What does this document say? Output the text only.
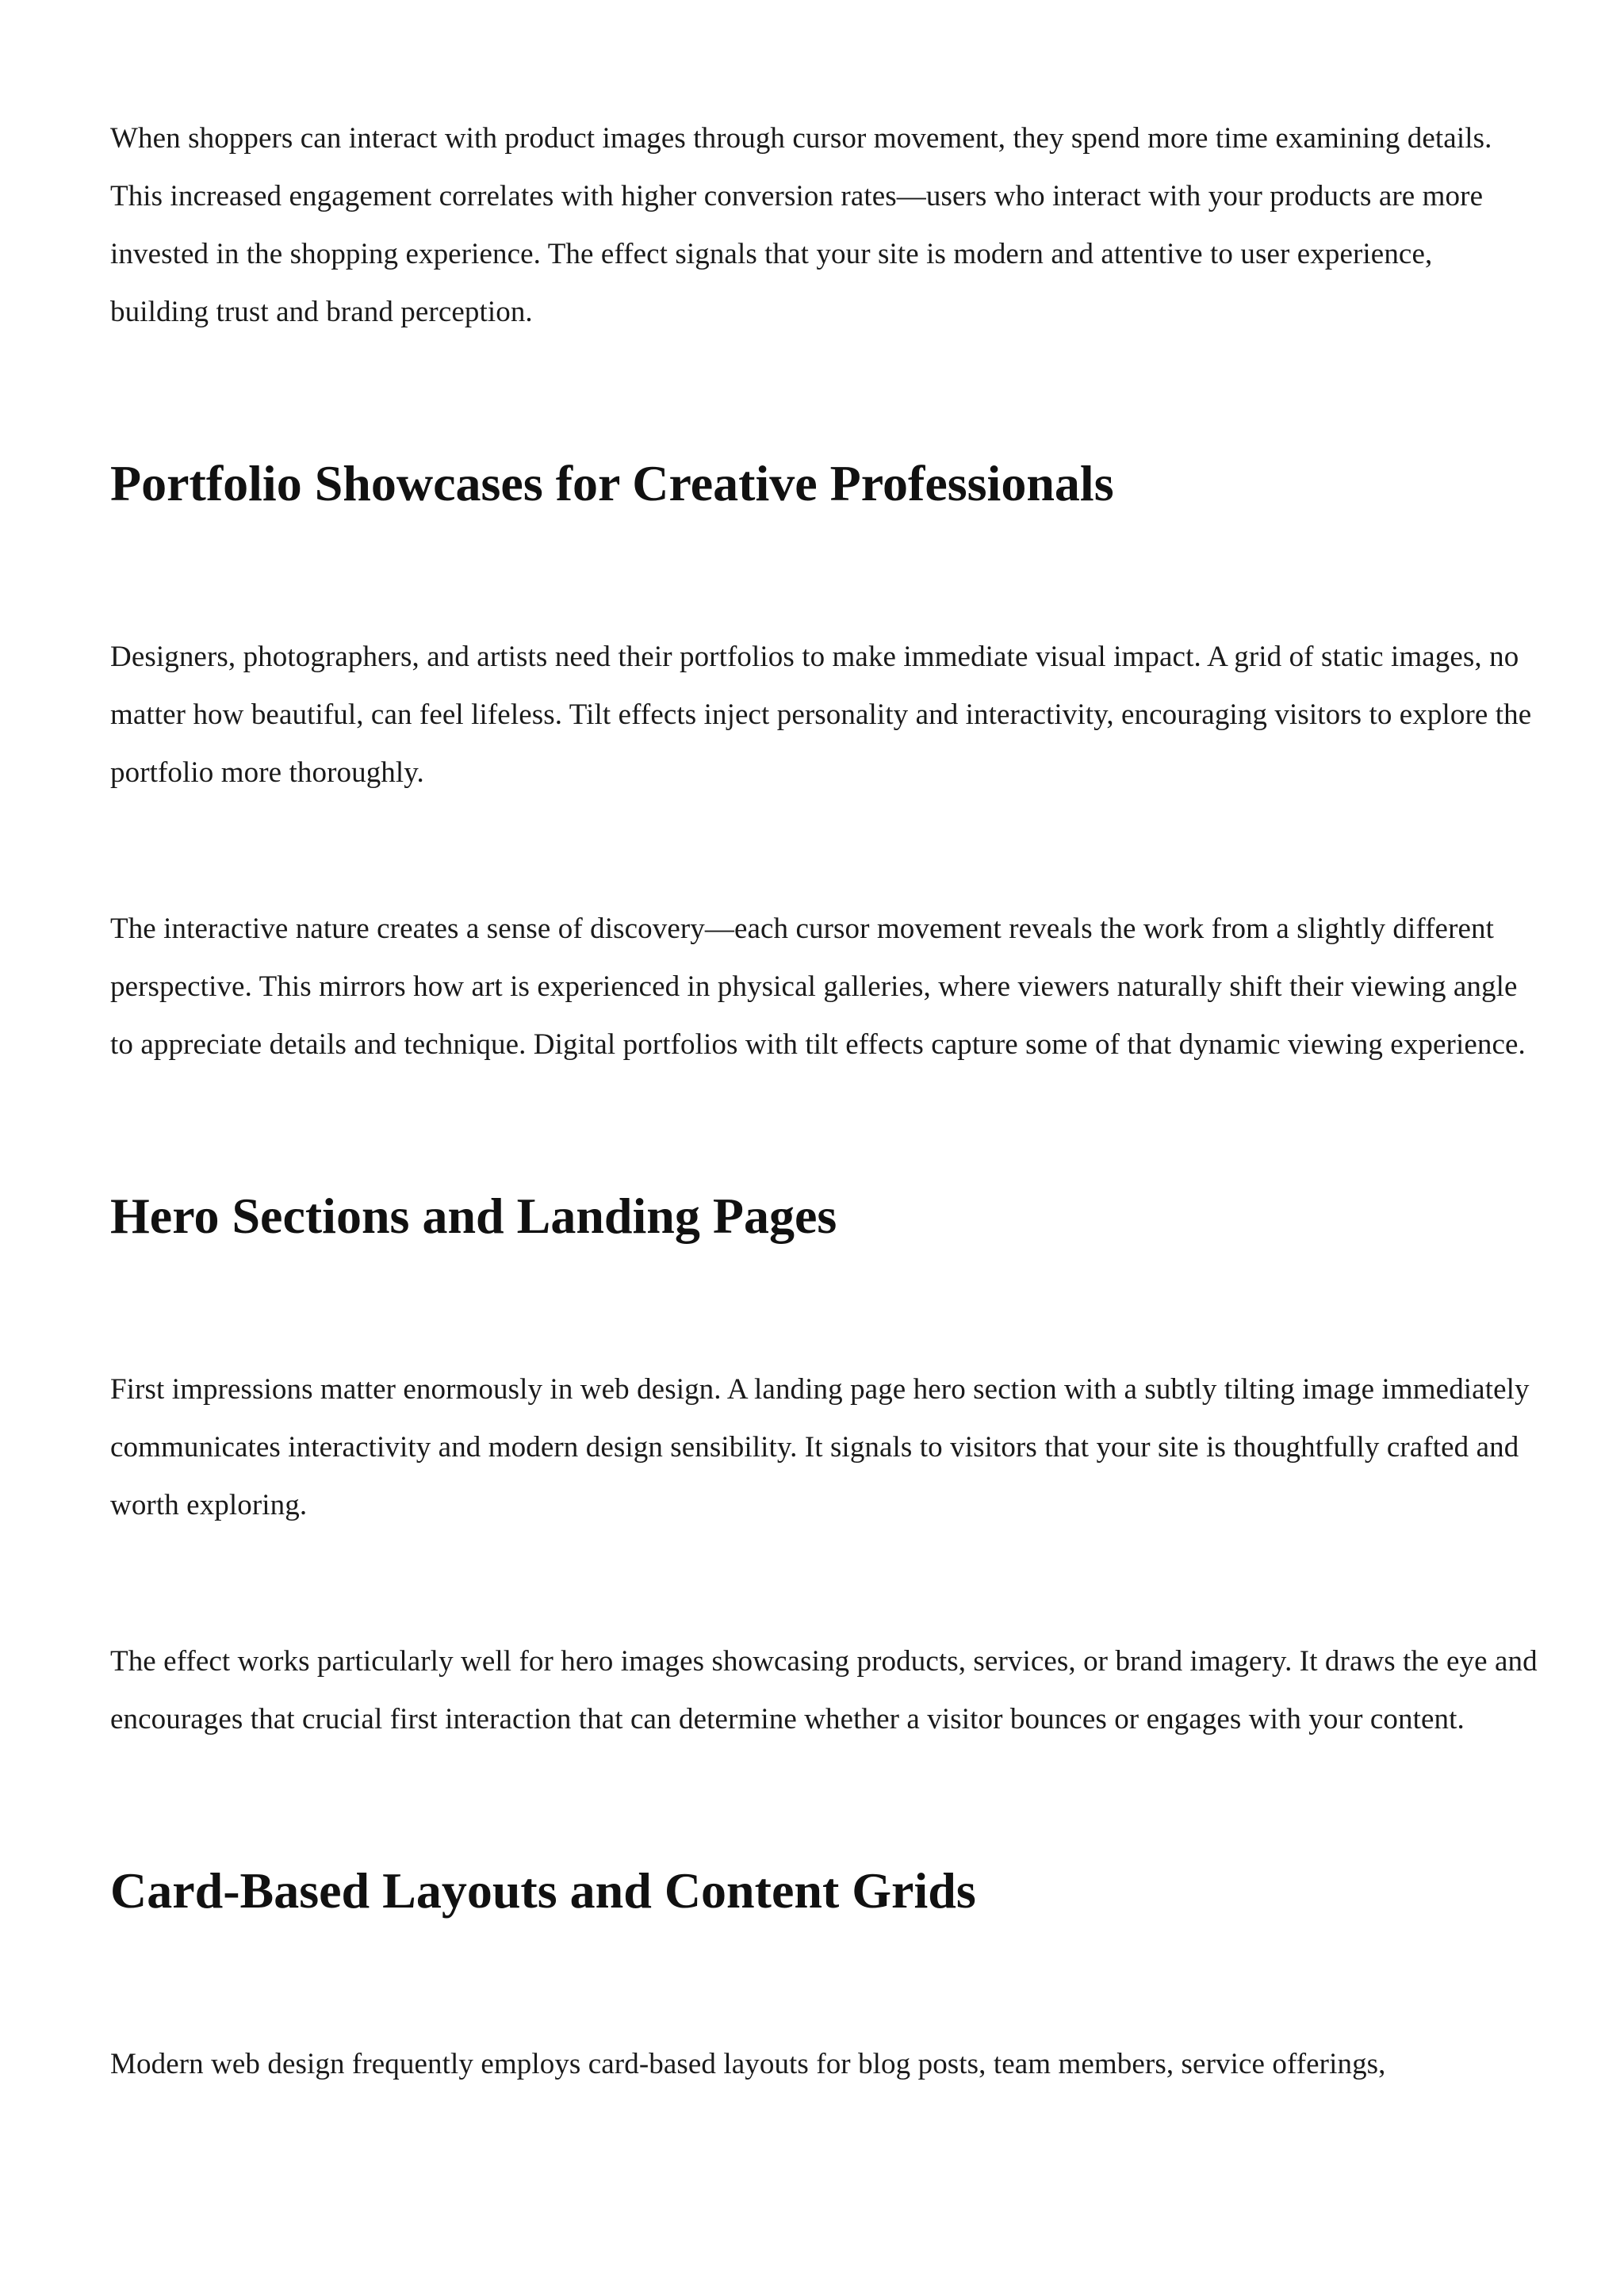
When shoppers can interact with product images through cursor movement, they spend more time examining details. This increased engagement correlates with higher conversion rates—users who interact with your products are more invested in the shopping experience. The effect signals that your site is modern and attentive to user experience, building trust and brand perception.

Portfolio Showcases for Creative Professionals

Designers, photographers, and artists need their portfolios to make immediate visual impact. A grid of static images, no matter how beautiful, can feel lifeless. Tilt effects inject personality and interactivity, encouraging visitors to explore the portfolio more thoroughly.

The interactive nature creates a sense of discovery—each cursor movement reveals the work from a slightly different perspective. This mirrors how art is experienced in physical galleries, where viewers naturally shift their viewing angle to appreciate details and technique. Digital portfolios with tilt effects capture some of that dynamic viewing experience.

Hero Sections and Landing Pages

First impressions matter enormously in web design. A landing page hero section with a subtly tilting image immediately communicates interactivity and modern design sensibility. It signals to visitors that your site is thoughtfully crafted and worth exploring.

The effect works particularly well for hero images showcasing products, services, or brand imagery. It draws the eye and encourages that crucial first interaction that can determine whether a visitor bounces or engages with your content.

Card-Based Layouts and Content Grids

Modern web design frequently employs card-based layouts for blog posts, team members, service offerings,
